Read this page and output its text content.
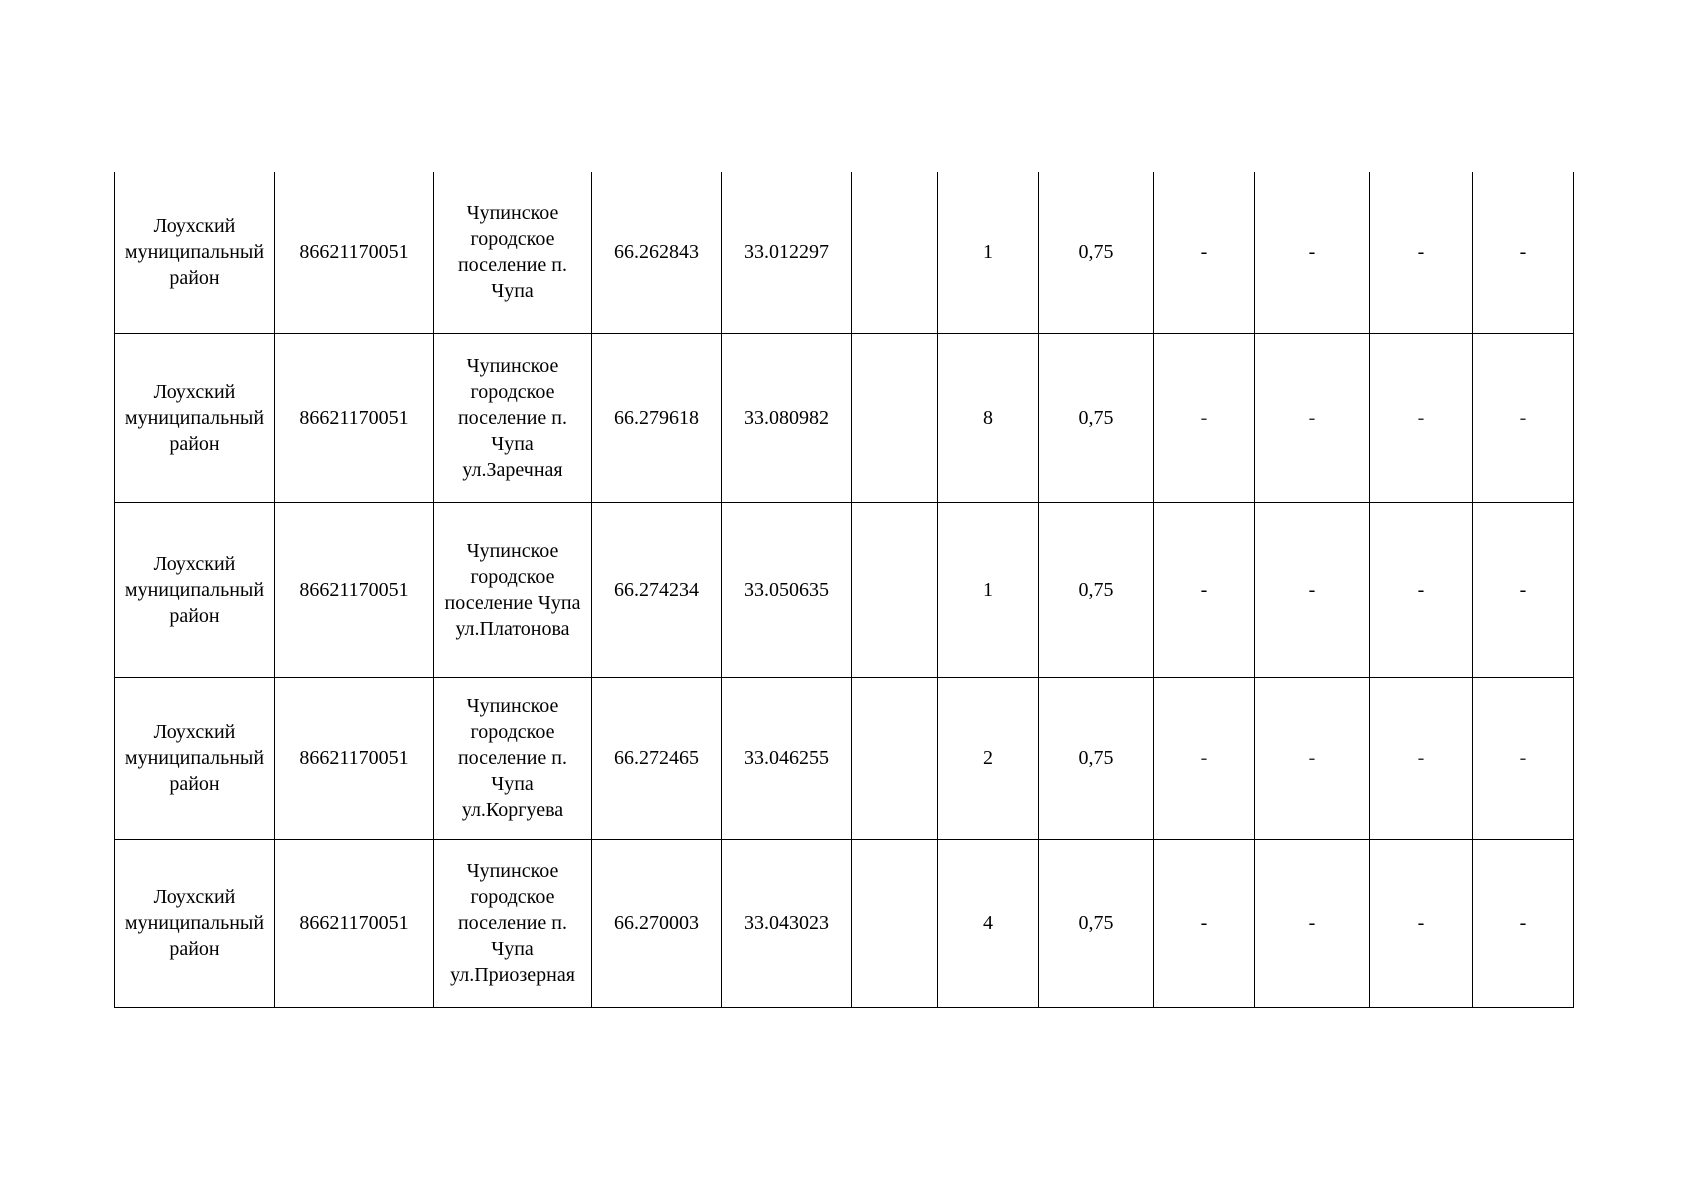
Лоухский муниципальный район	86621170051	Чупинское городское поселение п. Чупа	66.262843	33.012297		1	0,75	-	-	-	-
Лоухский муниципальный район	86621170051	Чупинское городское поселение п. Чупа ул.Заречная	66.279618	33.080982		8	0,75	-	-	-	-
Лоухский муниципальный район	86621170051	Чупинское городское поселение Чупа ул.Платонова	66.274234	33.050635		1	0,75	-	-	-	-
Лоухский муниципальный район	86621170051	Чупинское городское поселение п. Чупа ул.Коргуева	66.272465	33.046255		2	0,75	-	-	-	-
Лоухский муниципальный район	86621170051	Чупинское городское поселение п. Чупа ул.Приозерная	66.270003	33.043023		4	0,75	-	-	-	-
